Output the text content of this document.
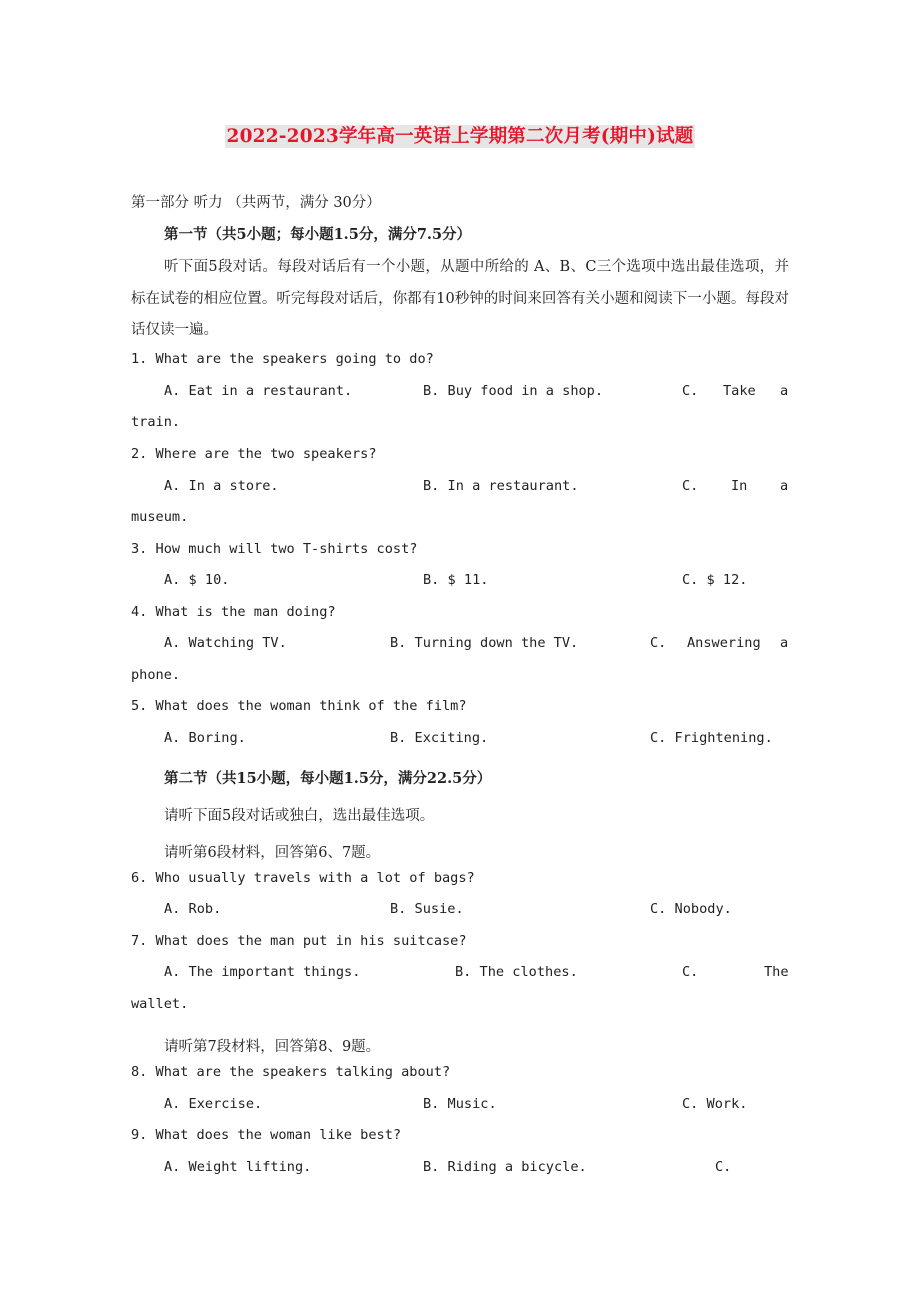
2022-2023学年高一英语上学期第二次月考(期中)试题
第一部分 听力 （共两节，满分 30分）
第一节（共5小题；每小题1.5分，满分7.5分）
听下面5段对话。每段对话后有一个小题，从题中所给的 A、B、C三个选项中选出最佳选项，并标在试卷的相应位置。听完每段对话后，你都有10秒钟的时间来回答有关小题和阅读下一小题。每段对话仅读一遍。
1. What are the speakers going to do?
A. Eat in a restaurant.	B. Buy food in a shop.	C. Take a
train.
2. Where are the two speakers?
A. In a store.	B. In a restaurant.	C. In a
museum.
3. How much will two T-shirts cost?
A. $ 10.	B. $ 11.	C. $ 12.
4. What is the man doing?
A. Watching TV.	B. Turning down the TV.	C. Answering a
phone.
5. What does the woman think of the film?
A. Boring.	B. Exciting.	C. Frightening.
第二节（共15小题，每小题1.5分，满分22.5分）
请听下面5段对话或独白，选出最佳选项。
请听第6段材料，回答第6、7题。
6. Who usually travels with a lot of bags?
A. Rob.	B. Susie.	C. Nobody.
7. What does the man put in his suitcase?
A. The important things.	B. The clothes.	C.	The
wallet.
请听第7段材料，回答第8、9题。
8. What are the speakers talking about?
A. Exercise.	B. Music.	C. Work.
9. What does the woman like best?
A. Weight lifting.	B. Riding a bicycle.	C.
